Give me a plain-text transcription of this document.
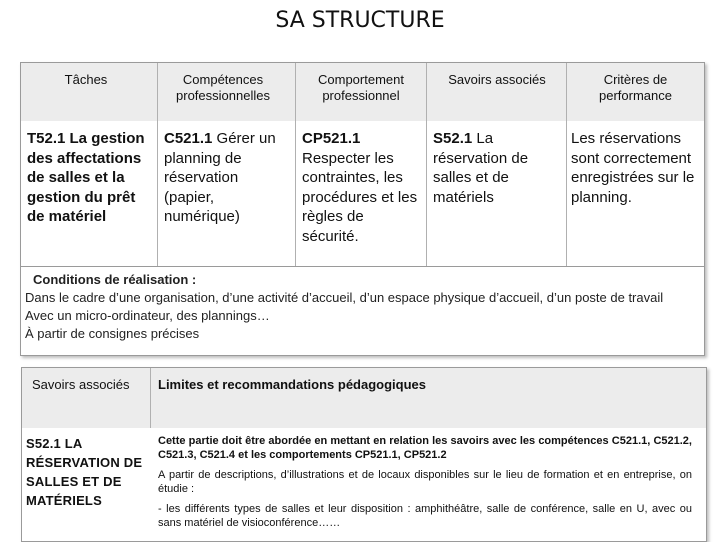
SA STRUCTURE
Tâches	Compétences professionnelles
Comportement professionnel
Savoirs associés	Critères de performance
T52.1 La gestion des affectations de salles et la gestion du prêt de matériel
C521.1 Gérer un planning de réservation (papier, numérique)
CP521.1
Respecter les contraintes, les procédures et les règles de sécurité.
S52.1 La réservation de salles et de matériels
Les réservations sont correctement enregistrées sur le planning.
Conditions de réalisation :
Dans le cadre d’une organisation, d’une activité d’accueil, d’un espace physique d’accueil, d’un poste de travail
Avec un micro-ordinateur, des plannings…
À partir de consignes précises
Savoirs associés Limites et recommandations pédagogiques
S52.1 LA RÉSERVATION DE SALLES ET DE MATÉRIELS

Cette partie doit être abordée en mettant en relation les savoirs avec les compétences C521.1, C521.2, C521.3, C521.4 et les comportements CP521.1, CP521.2

A partir de descriptions, d’illustrations et de locaux disponibles sur le lieu de formation et en entreprise, on étudie :

- les différents types de salles et leur disposition : amphithéâtre, salle de conférence, salle en U, avec ou sans matériel de visioconférence……
